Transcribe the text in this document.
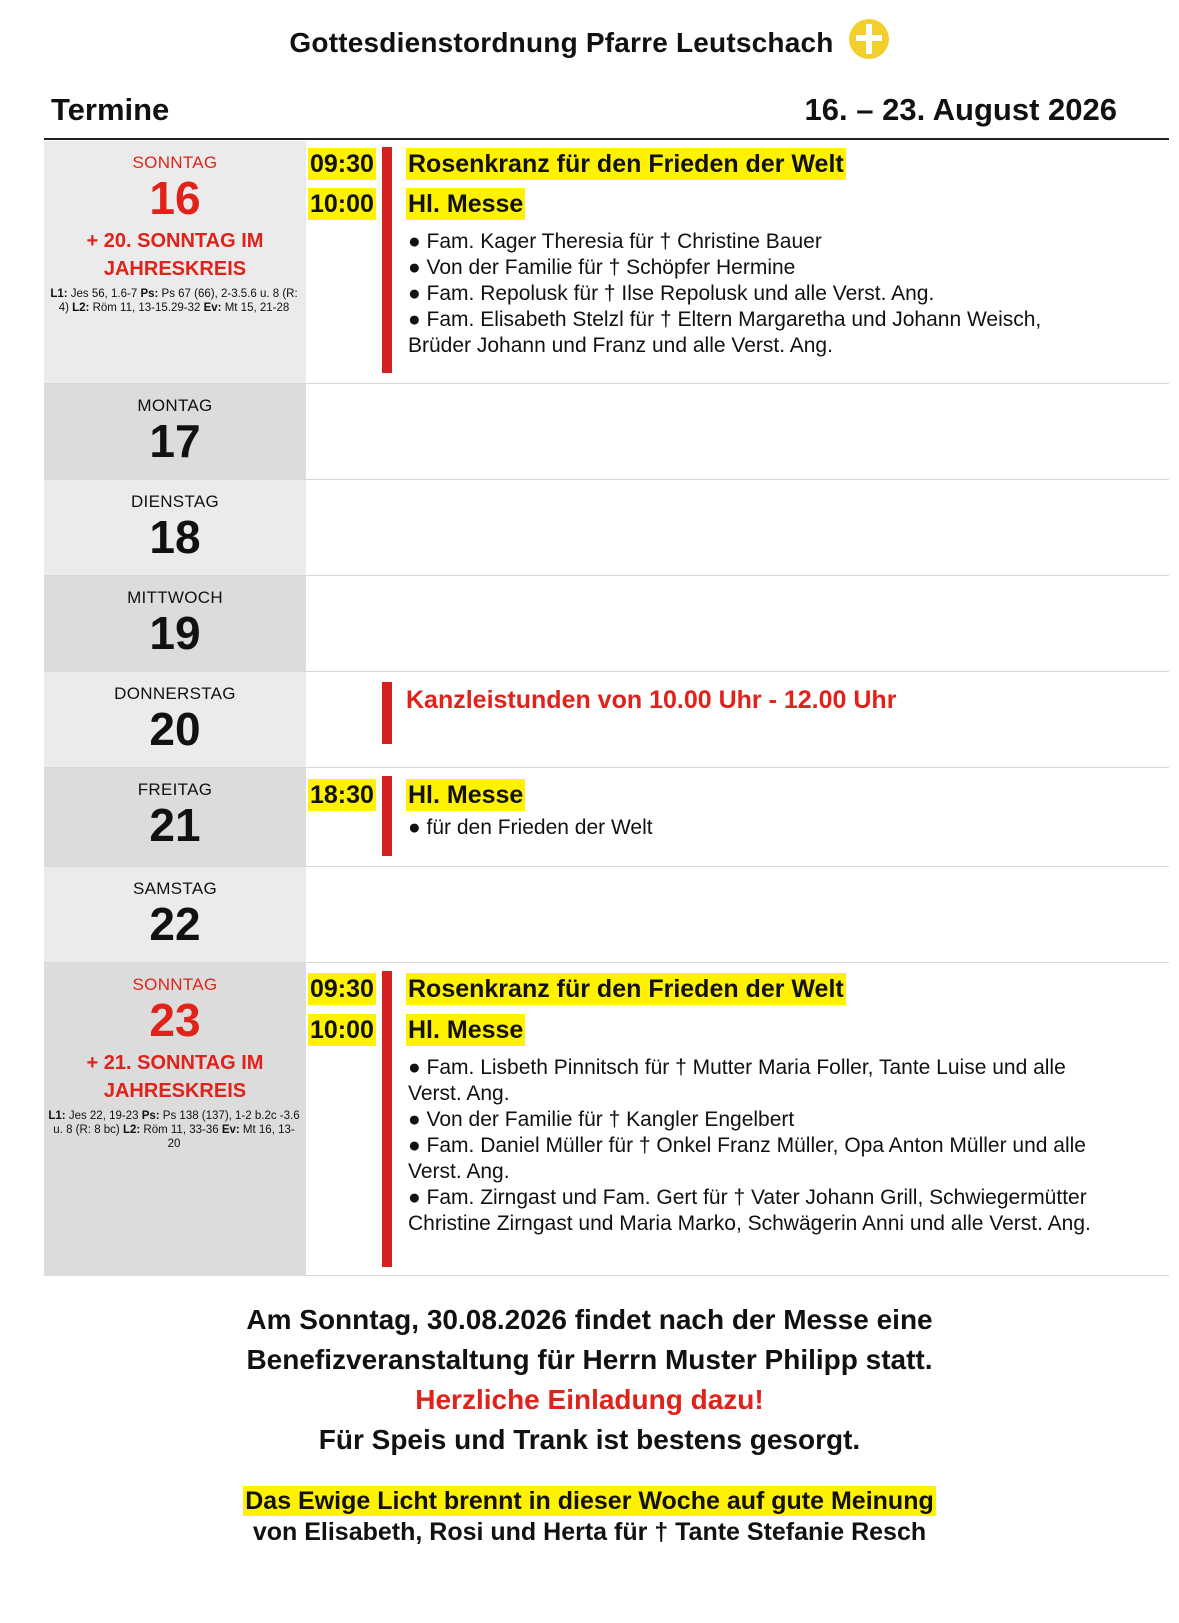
Gottesdienstordnung Pfarre Leutschach
Termine	16. – 23. August 2026
SONNTAG
16
+ 20. SONNTAG IM JAHRESKREIS
L1: Jes 56, 1.6-7 Ps: Ps 67 (66), 2-3.5.6 u. 8 (R: 4) L2: Röm 11, 13-15.29-32 Ev: Mt 15, 21-28
09:30 Rosenkranz für den Frieden der Welt
10:00 Hl. Messe
● Fam. Kager Theresia für † Christine Bauer
● Von der Familie für † Schöpfer Hermine
● Fam. Repolusk für † Ilse Repolusk und alle Verst. Ang.
● Fam. Elisabeth Stelzl für † Eltern Margaretha und Johann Weisch, Brüder Johann und Franz und alle Verst. Ang.
MONTAG
17
DIENSTAG
18
MITTWOCH
19
DONNERSTAG
20
Kanzleistunden von 10.00 Uhr - 12.00 Uhr
FREITAG
21
18:30 Hl. Messe
● für den Frieden der Welt
SAMSTAG
22
SONNTAG
23
+ 21. SONNTAG IM JAHRESKREIS
L1: Jes 22, 19-23 Ps: Ps 138 (137), 1-2 b.2c -3.6 u. 8 (R: 8 bc) L2: Röm 11, 33-36 Ev: Mt 16, 13-20
09:30 Rosenkranz für den Frieden der Welt
10:00 Hl. Messe
● Fam. Lisbeth Pinnitsch für † Mutter Maria Foller, Tante Luise und alle Verst. Ang.
● Von der Familie für † Kangler Engelbert
● Fam. Daniel Müller für † Onkel Franz Müller, Opa Anton Müller und alle Verst. Ang.
● Fam. Zirngast und Fam. Gert für † Vater Johann Grill, Schwiegermütter Christine Zirngast und Maria Marko, Schwägerin Anni und alle Verst. Ang.
Am Sonntag, 30.08.2026 findet nach der Messe eine
Benefizveranstaltung für Herrn Muster Philipp statt.
Herzliche Einladung dazu!
Für Speis und Trank ist bestens gesorgt.
Das Ewige Licht brennt in dieser Woche auf gute Meinung
von Elisabeth, Rosi und Herta für † Tante Stefanie Resch
